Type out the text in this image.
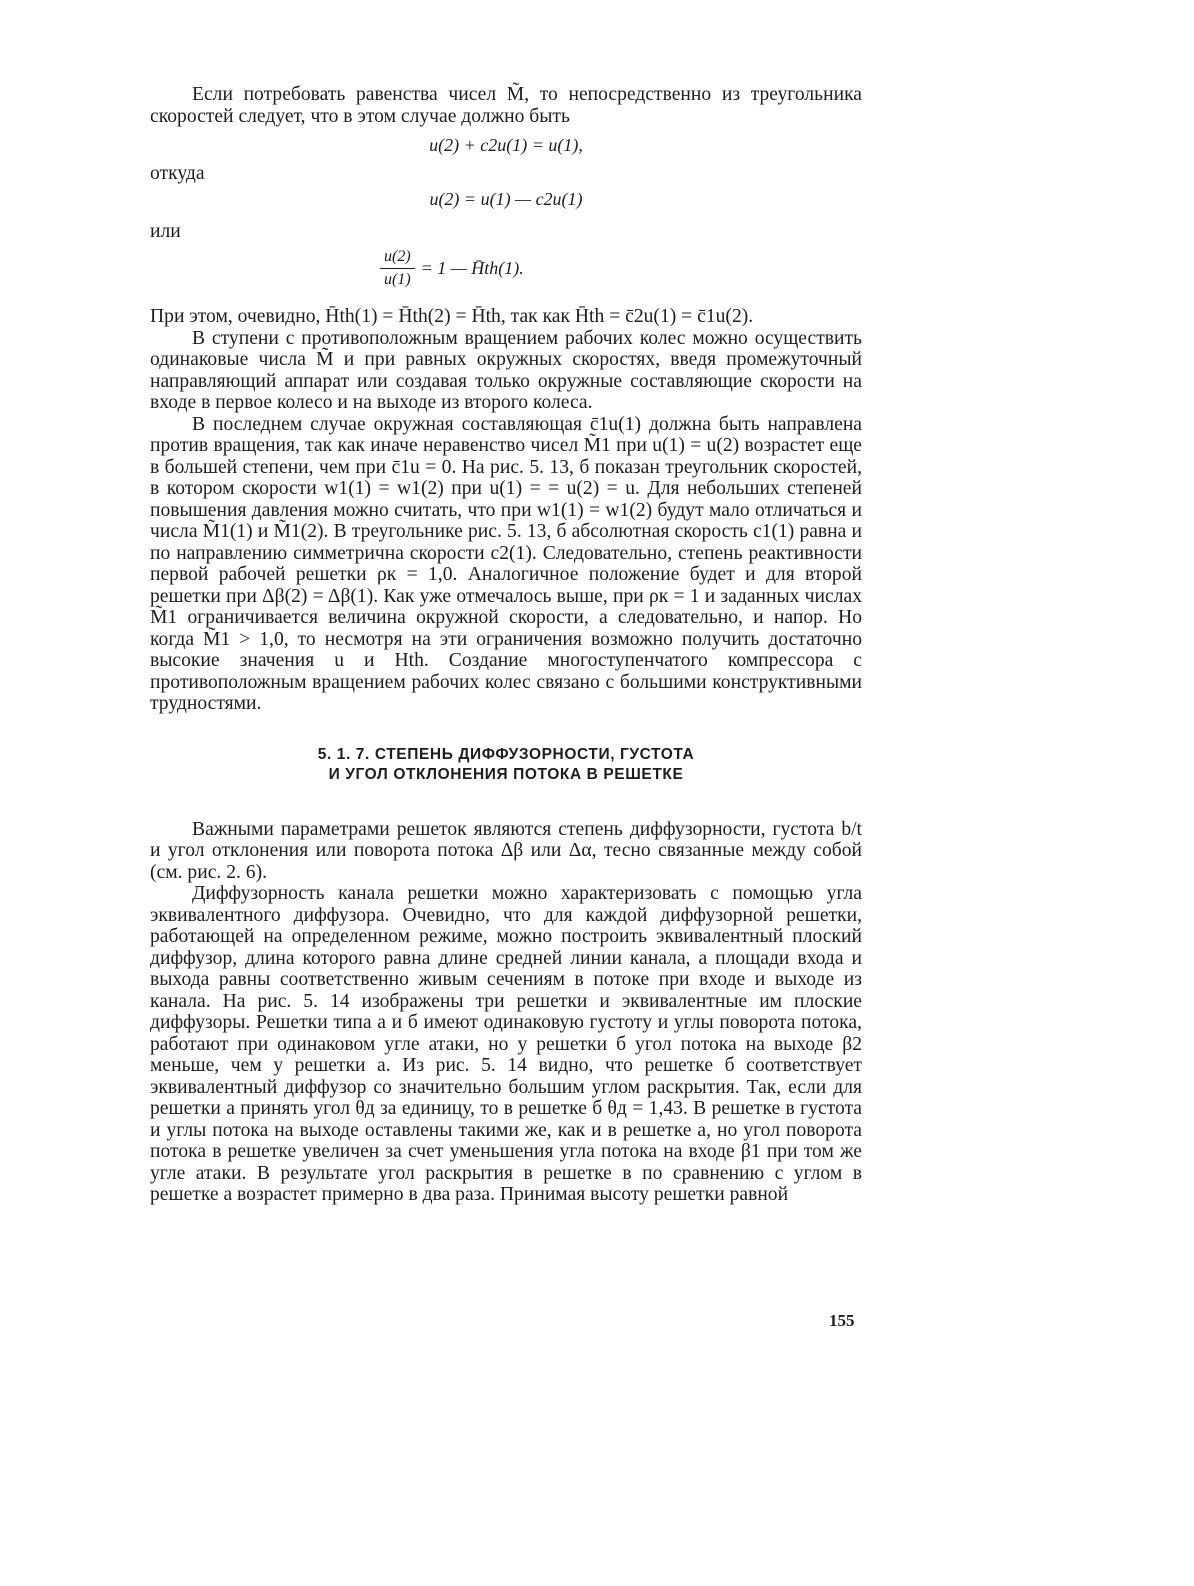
Если потребовать равенства чисел M̃, то непосредственно из треугольника скоростей следует, что в этом случае должно быть

u(2) + c2u(1) = u(1),

откуда

u(2) = u(1) — c2u(1)

или

$\frac{u(2)}{u(1)} = 1$ — H̄th(1).

При этом, очевидно, H̄th(1) = H̄th(2) = H̄th, так как H̄th = c̄2u(1) = c̄1u(2).

В ступени с противоположным вращением рабочих колес можно осуществить одинаковые числа M̃ и при равных окружных скоростях, введя промежуточный направляющий аппарат или создавая только окружные составляющие скорости на входе в первое колесо и на выходе из второго колеса.

В последнем случае окружная составляющая c̄1u(1) должна быть направлена против вращения, так как иначе неравенство чисел M̃1 при u(1) = u(2) возрастет еще в большей степени, чем при c̄1u = 0. На рис. 5. 13, б показан треугольник скоростей, в котором скорости w1(1) = w1(2) при u(1) = = u(2) = u. Для небольших степеней повышения давления можно считать, что при w1(1) = w1(2) будут мало отличаться и числа M̃1(1) и M̃1(2). В треугольнике рис. 5. 13, б абсолютная скорость c1(1) равна и по направлению симметрична скорости c2(1). Следовательно, степень реактивности первой рабочей решетки ρк = 1,0. Аналогичное положение будет и для второй решетки при Δβ(2) = Δβ(1). Как уже отмечалось выше, при ρк = 1 и заданных числах M̃1 ограничивается величина окружной скорости, а следовательно, и напор. Но когда M̃1 > 1,0, то несмотря на эти ограничения возможно получить достаточно высокие значения u и Hth. Создание многоступенчатого компрессора с противоположным вращением рабочих колес связано с большими конструктивными трудностями.

5. 1. 7. СТЕПЕНЬ ДИФФУЗОРНОСТИ, ГУСТОТА
И УГОЛ ОТКЛОНЕНИЯ ПОТОКА В РЕШЕТКЕ

Важными параметрами решеток являются степень диффузорности, густота b/t и угол отклонения или поворота потока Δβ или Δα, тесно связанные между собой (см. рис. 2. 6).

Диффузорность канала решетки можно характеризовать с помощью угла эквивалентного диффузора. Очевидно, что для каждой диффузорной решетки, работающей на определенном режиме, можно построить эквивалентный плоский диффузор, длина которого равна длине средней линии канала, а площади входа и выхода равны соответственно живым сечениям в потоке при входе и выходе из канала. На рис. 5. 14 изображены три решетки и эквивалентные им плоские диффузоры. Решетки типа а и б имеют одинаковую густоту и углы поворота потока, работают при одинаковом угле атаки, но у решетки б угол потока на выходе β2 меньше, чем у решетки а. Из рис. 5. 14 видно, что решетке б соответствует эквивалентный диффузор со значительно большим углом раскрытия. Так, если для решетки а принять угол θд за единицу, то в решетке б θд = 1,43. В решетке в густота и углы потока на выходе оставлены такими же, как и в решетке а, но угол поворота потока в решетке увеличен за счет уменьшения угла потока на входе β1 при том же угле атаки. В результате угол раскрытия в решетке в по сравнению с углом в решетке а возрастет примерно в два раза. Принимая высоту решетки равной

155
